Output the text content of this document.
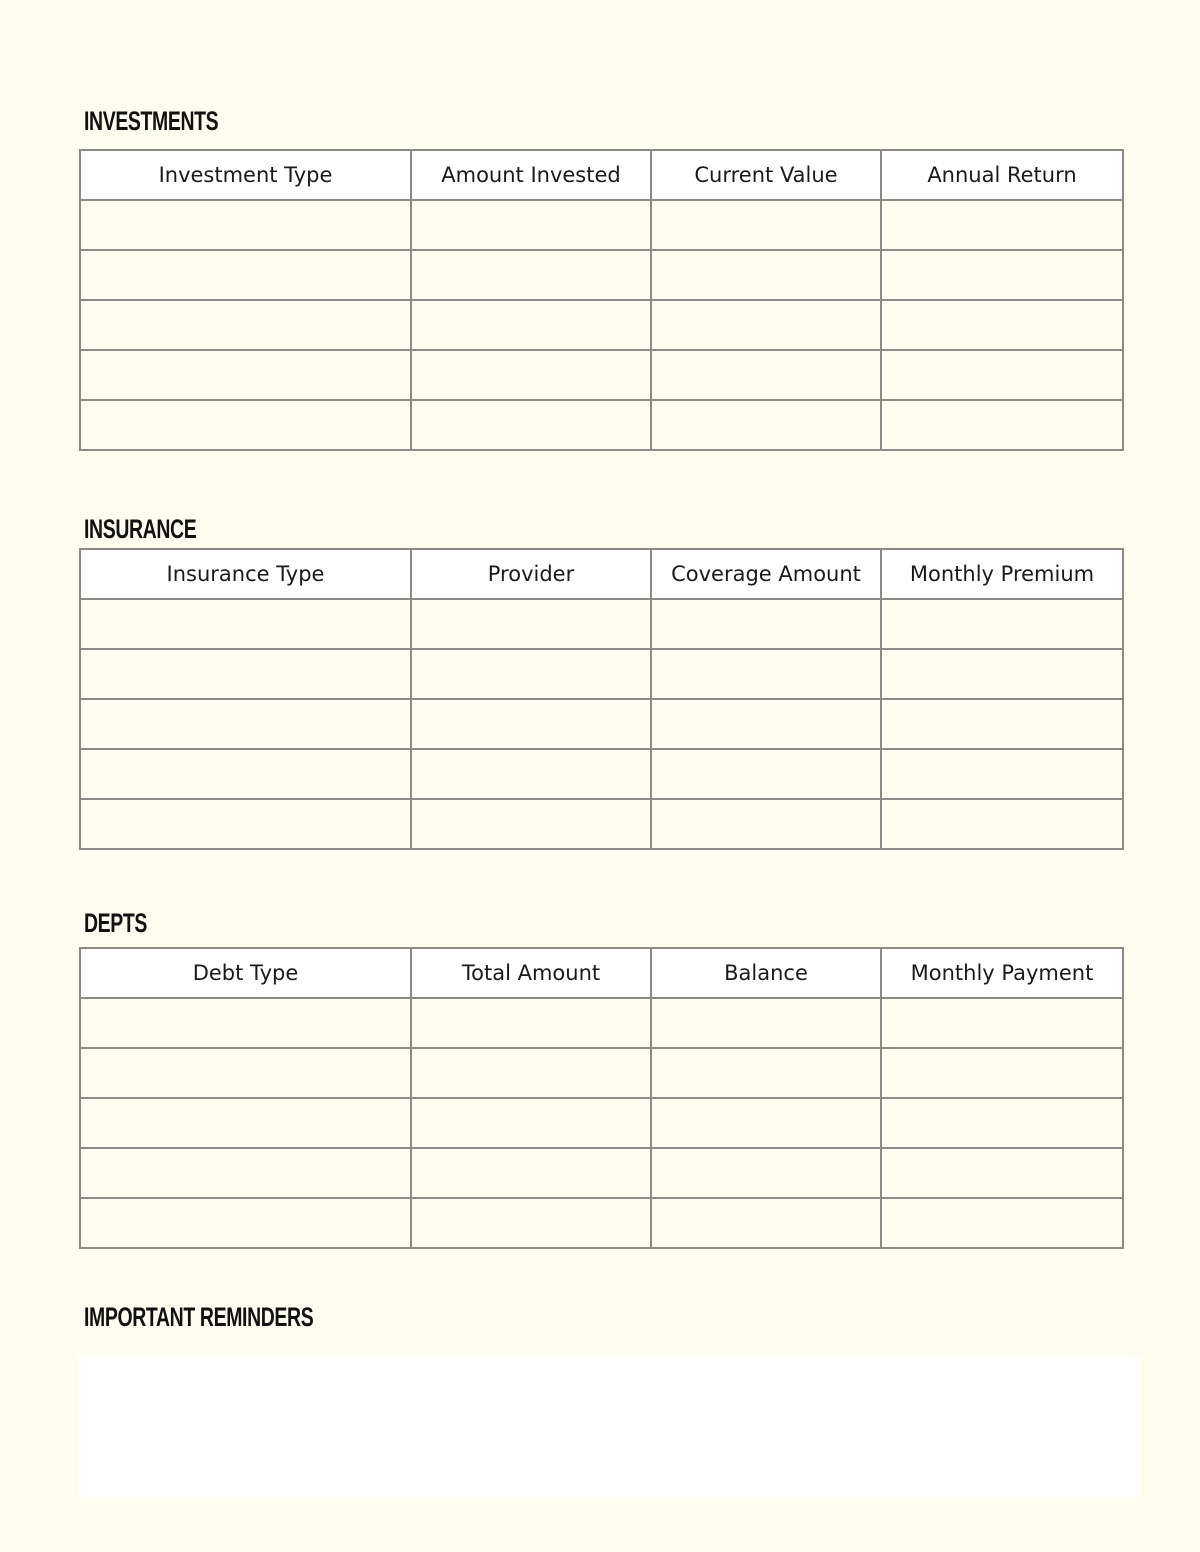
INVESTMENTS
Investment Type	Amount Invested	Current Value	Annual Return

INSURANCE
Insurance Type	Provider	Coverage Amount	Monthly Premium

DEPTS
Debt Type	Total Amount	Balance	Monthly Payment

IMPORTANT REMINDERS
